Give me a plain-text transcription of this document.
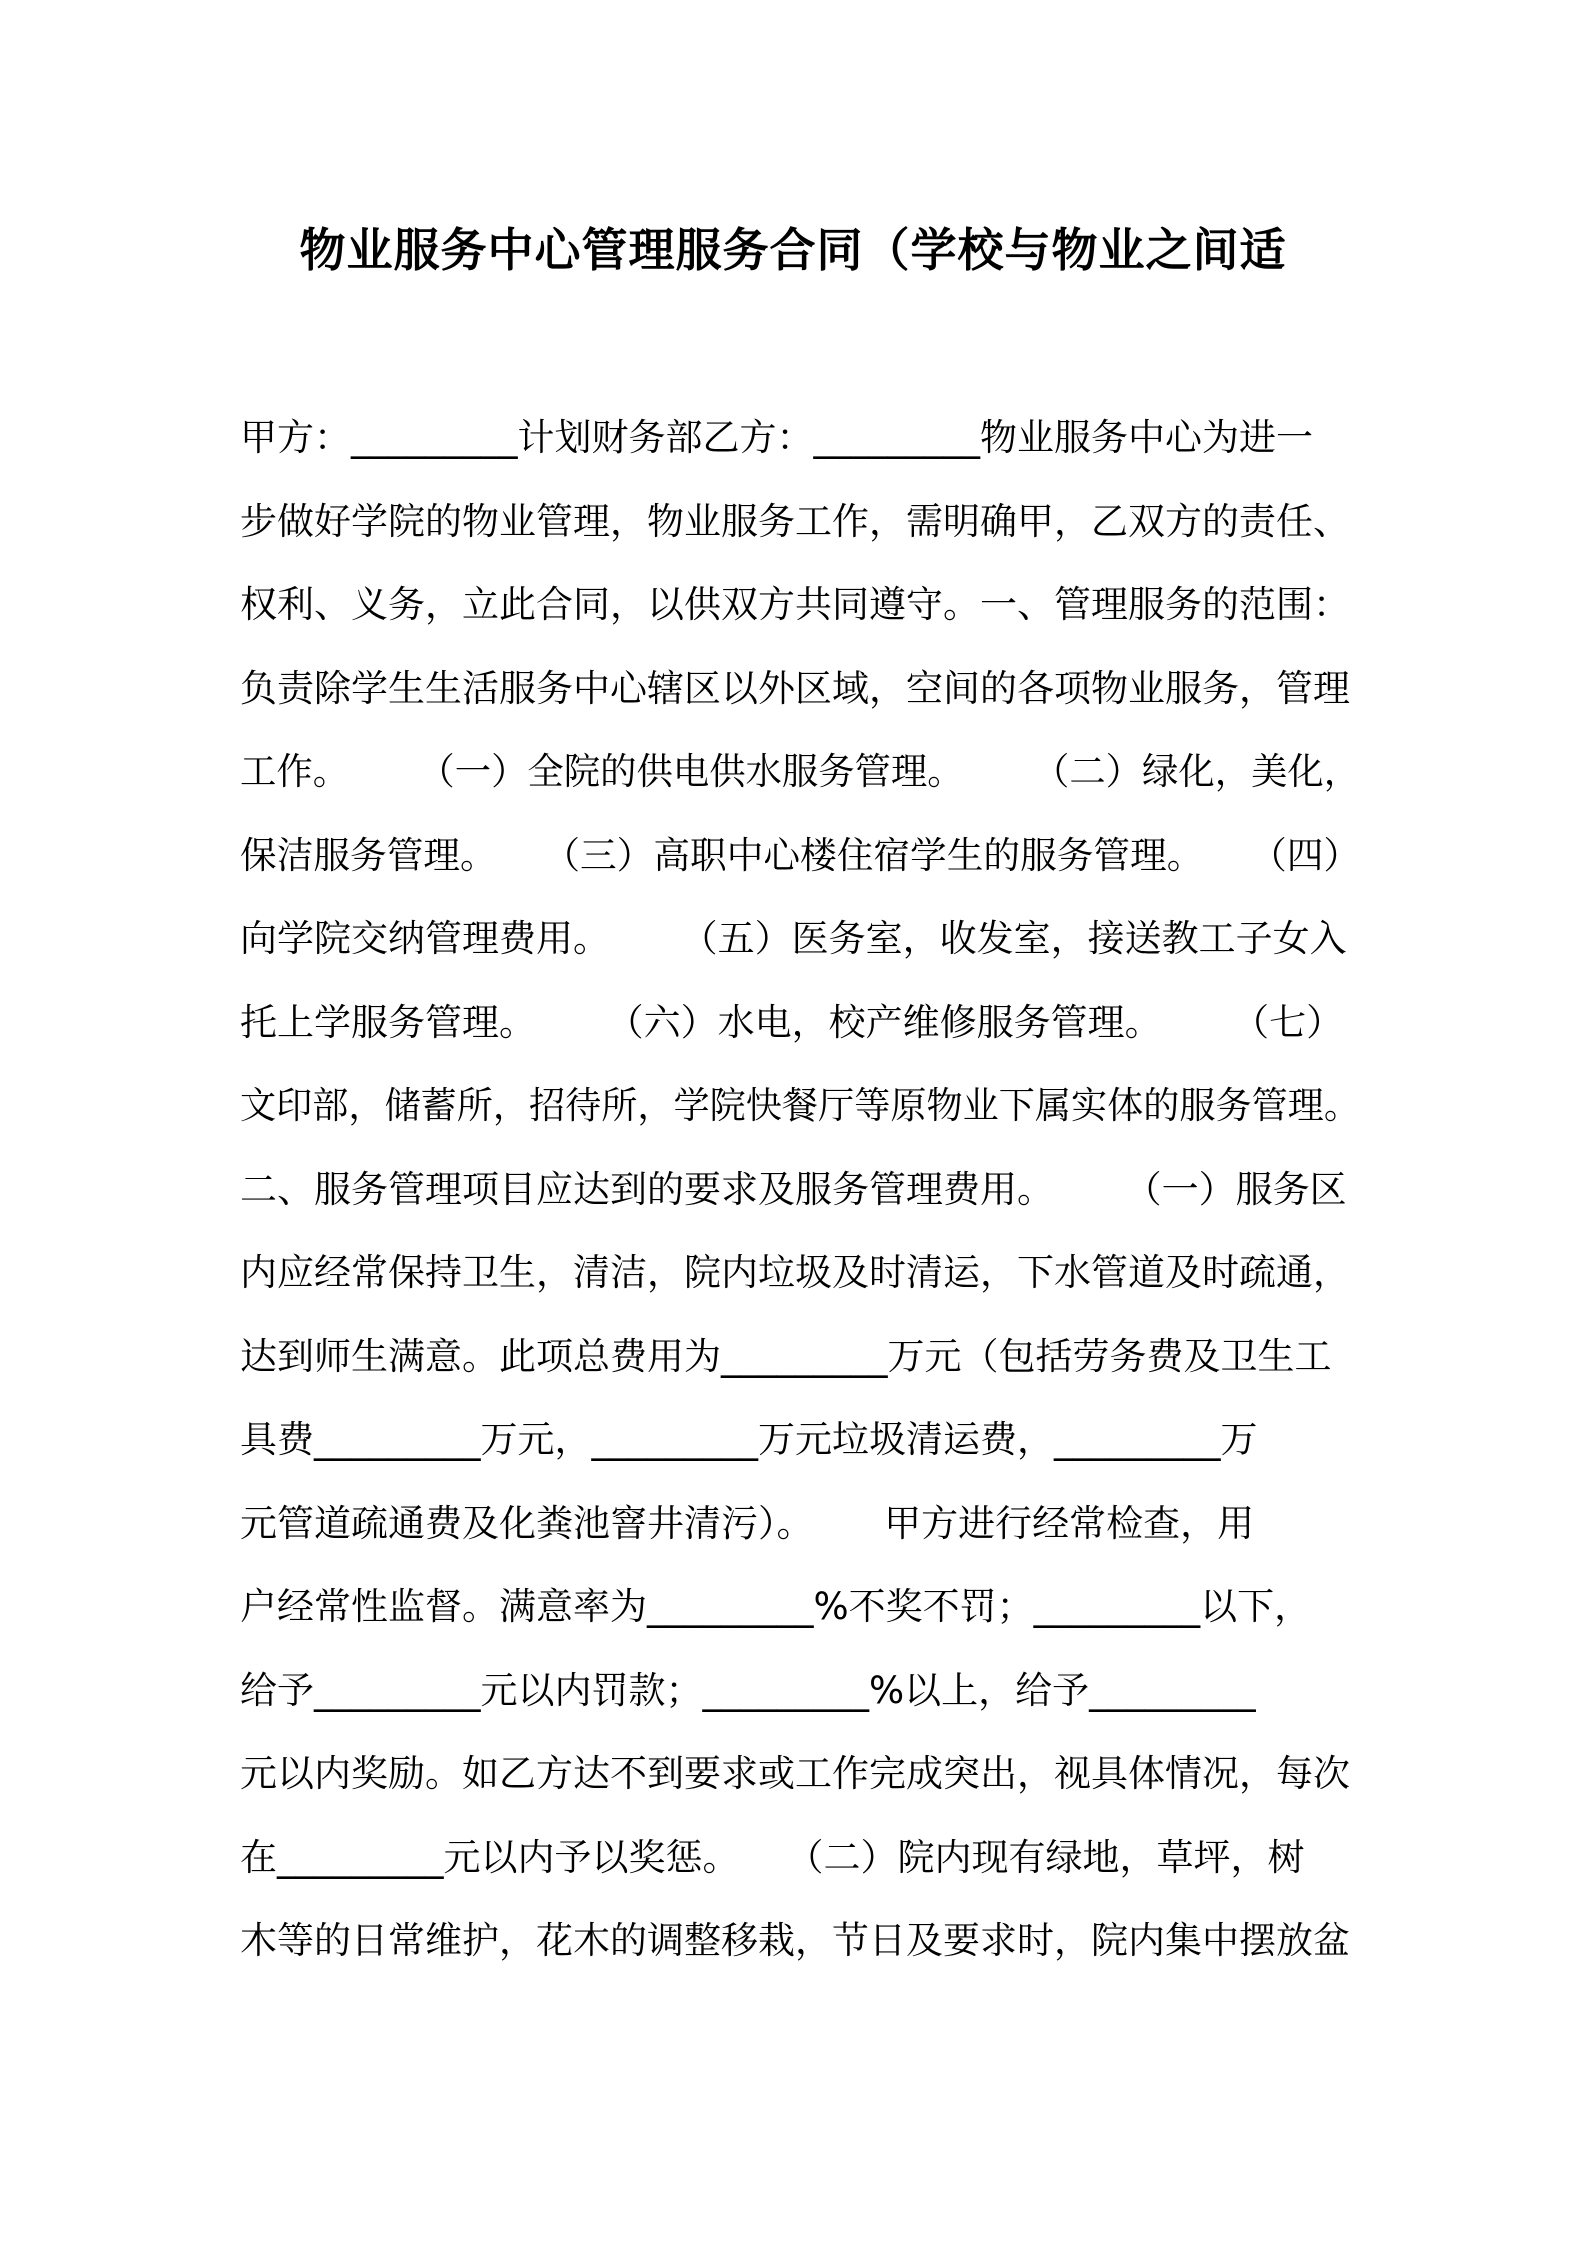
物业服务中心管理服务合同（学校与物业之间适
甲方：_________计划财务部乙方：_________物业服务中心为进一
步做好学院的物业管理，物业服务工作，需明确甲，乙双方的责任、
权利、义务，立此合同，以供双方共同遵守。一、管理服务的范围：
负责除学生生活服务中心辖区以外区域，空间的各项物业服务，管理
工作。      （一）全院的供电供水服务管理。      （二）绿化，美化，
保洁服务管理。    （三）高职中心楼住宿学生的服务管理。    （四）
向学院交纳管理费用。      （五）医务室，收发室，接送教工子女入
托上学服务管理。      （六）水电，校产维修服务管理。      （七）
文印部，储蓄所，招待所，学院快餐厅等原物业下属实体的服务管理。
二、服务管理项目应达到的要求及服务管理费用。      （一）服务区
内应经常保持卫生，清洁，院内垃圾及时清运，下水管道及时疏通，
达到师生满意。此项总费用为_________万元（包括劳务费及卫生工
具费_________万元，_________万元垃圾清运费，_________万
元管道疏通费及化粪池窨井清污）。      甲方进行经常检查，用
户经常性监督。满意率为_________%不奖不罚；_________以下，
给予_________元以内罚款；_________%以上，给予_________
元以内奖励。如乙方达不到要求或工作完成突出，视具体情况，每次
在_________元以内予以奖惩。    （二）院内现有绿地，草坪，树
木等的日常维护，花木的调整移栽，节日及要求时，院内集中摆放盆
